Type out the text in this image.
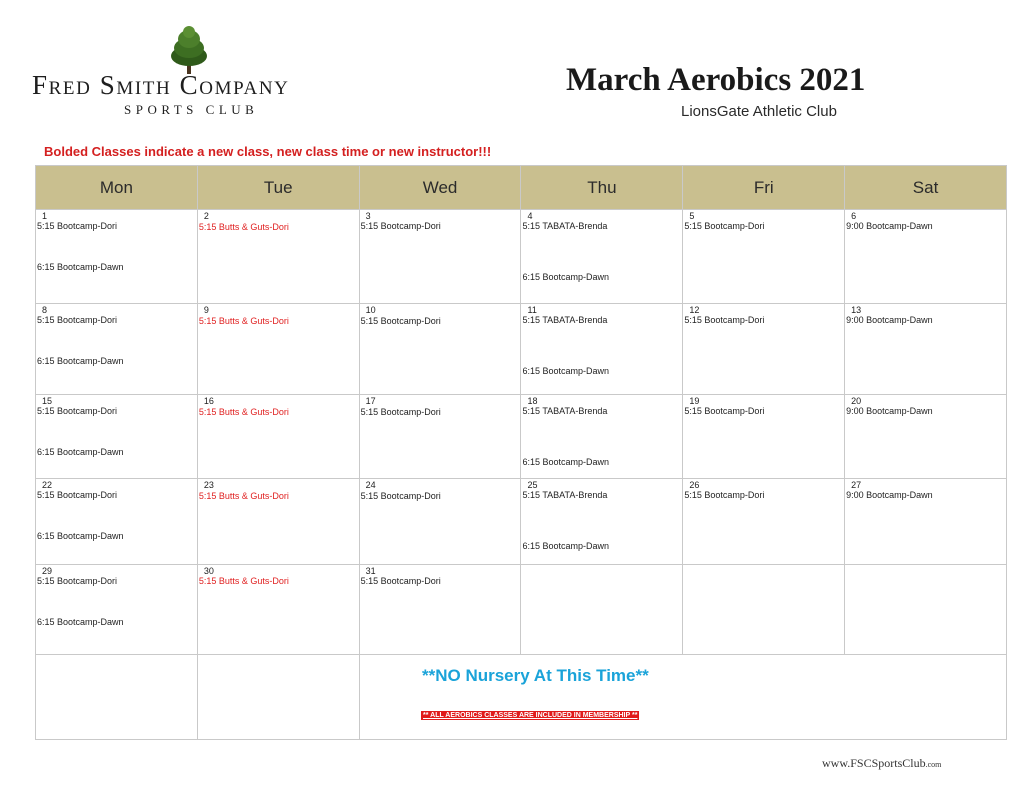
Fred Smith Company
SPORTS CLUB
March Aerobics 2021
LionsGate Athletic Club
Bolded Classes indicate a new class, new class time or new instructor!!!
Mon	Tue	Wed	Thu	Fri	Sat

1
5:15 Bootcamp-Dori
6:15 Bootcamp-Dawn	2
5:15 Butts & Guts-Dori	3
5:15 Bootcamp-Dori	4
5:15 TABATA-Brenda
6:15 Bootcamp-Dawn	5
5:15 Bootcamp-Dori	6
9:00 Bootcamp-Dawn

8
5:15 Bootcamp-Dori
6:15 Bootcamp-Dawn	9
5:15 Butts & Guts-Dori	10
5:15 Bootcamp-Dori	11
5:15 TABATA-Brenda
6:15 Bootcamp-Dawn	12
5:15 Bootcamp-Dori	13
9:00 Bootcamp-Dawn

15
5:15 Bootcamp-Dori
6:15 Bootcamp-Dawn	16
5:15 Butts & Guts-Dori	17
5:15 Bootcamp-Dori	18
5:15 TABATA-Brenda
6:15 Bootcamp-Dawn	19
5:15 Bootcamp-Dori	20
9:00 Bootcamp-Dawn

22
5:15 Bootcamp-Dori
6:15 Bootcamp-Dawn	23
5:15 Butts & Guts-Dori	24
5:15 Bootcamp-Dori	25
5:15 TABATA-Brenda
6:15 Bootcamp-Dawn	26
5:15 Bootcamp-Dori	27
9:00 Bootcamp-Dawn

29
5:15 Bootcamp-Dori
6:15 Bootcamp-Dawn	30
5:15 Butts & Guts-Dori	31
5:15 Bootcamp-Dori			

**NO Nursery At This Time**
** ALL AEROBICS CLASSES ARE INCLUDED IN MEMBERSHIP **
www.FSCSportsClub.com
